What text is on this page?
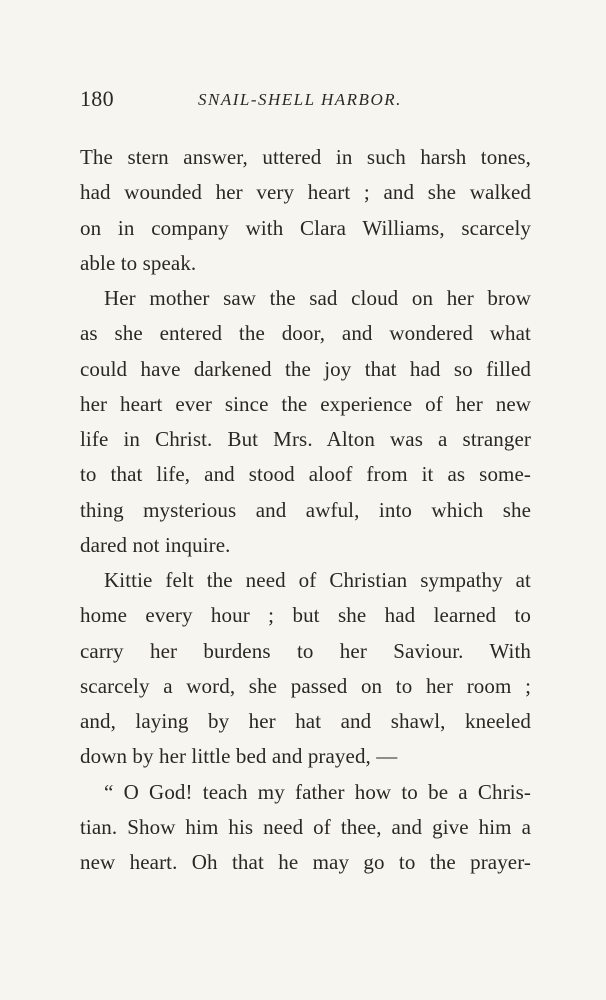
180	SNAIL-SHELL HARBOR.
The stern answer, uttered in such harsh tones,
had wounded her very heart ; and she walked
on in company with Clara Williams, scarcely
able to speak.
Her mother saw the sad cloud on her brow
as she entered the door, and wondered what
could have darkened the joy that had so filled
her heart ever since the experience of her new
life in Christ. But Mrs. Alton was a stranger
to that life, and stood aloof from it as some-
thing mysterious and awful, into which she
dared not inquire.
Kittie felt the need of Christian sympathy at
home every hour ; but she had learned to
carry her burdens to her Saviour. With
scarcely a word, she passed on to her room ;
and, laying by her hat and shawl, kneeled
down by her little bed and prayed, —
“ O God! teach my father how to be a Chris-
tian. Show him his need of thee, and give him a
new heart. Oh that he may go to the prayer-
